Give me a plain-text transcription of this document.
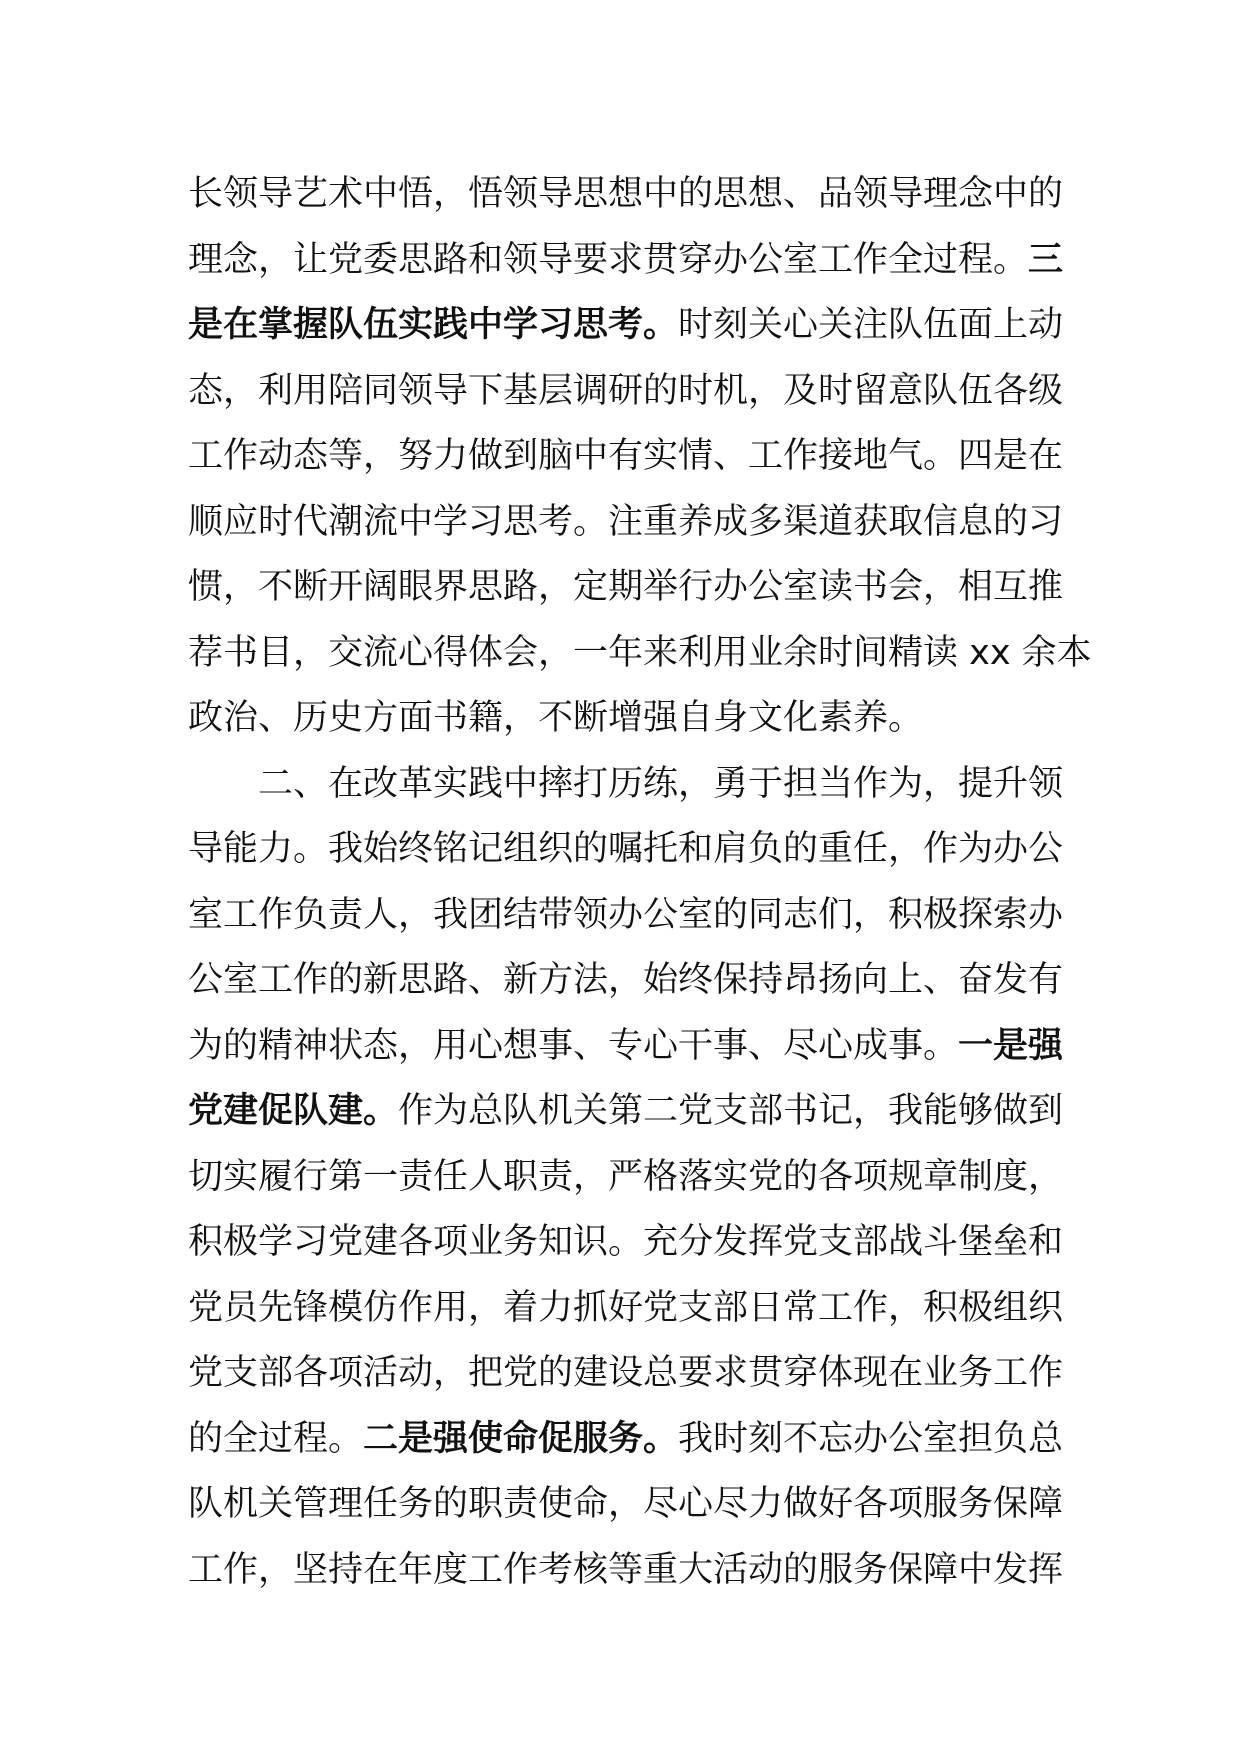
长领导艺术中悟，悟领导思想中的思想、品领导理念中的
理念，让党委思路和领导要求贯穿办公室工作全过程。三
是在掌握队伍实践中学习思考。时刻关心关注队伍面上动
态，利用陪同领导下基层调研的时机，及时留意队伍各级
工作动态等，努力做到脑中有实情、工作接地气。四是在
顺应时代潮流中学习思考。注重养成多渠道获取信息的习
惯，不断开阔眼界思路，定期举行办公室读书会，相互推
荐书目，交流心得体会，一年来利用业余时间精读 xx 余本
政治、历史方面书籍，不断增强自身文化素养。
二、在改革实践中摔打历练，勇于担当作为，提升领
导能力。我始终铭记组织的嘱托和肩负的重任，作为办公
室工作负责人，我团结带领办公室的同志们，积极探索办
公室工作的新思路、新方法，始终保持昂扬向上、奋发有
为的精神状态，用心想事、专心干事、尽心成事。一是强
党建促队建。作为总队机关第二党支部书记，我能够做到
切实履行第一责任人职责，严格落实党的各项规章制度，
积极学习党建各项业务知识。充分发挥党支部战斗堡垒和
党员先锋模仿作用，着力抓好党支部日常工作，积极组织
党支部各项活动，把党的建设总要求贯穿体现在业务工作
的全过程。二是强使命促服务。我时刻不忘办公室担负总
队机关管理任务的职责使命，尽心尽力做好各项服务保障
工作，坚持在年度工作考核等重大活动的服务保障中发挥
